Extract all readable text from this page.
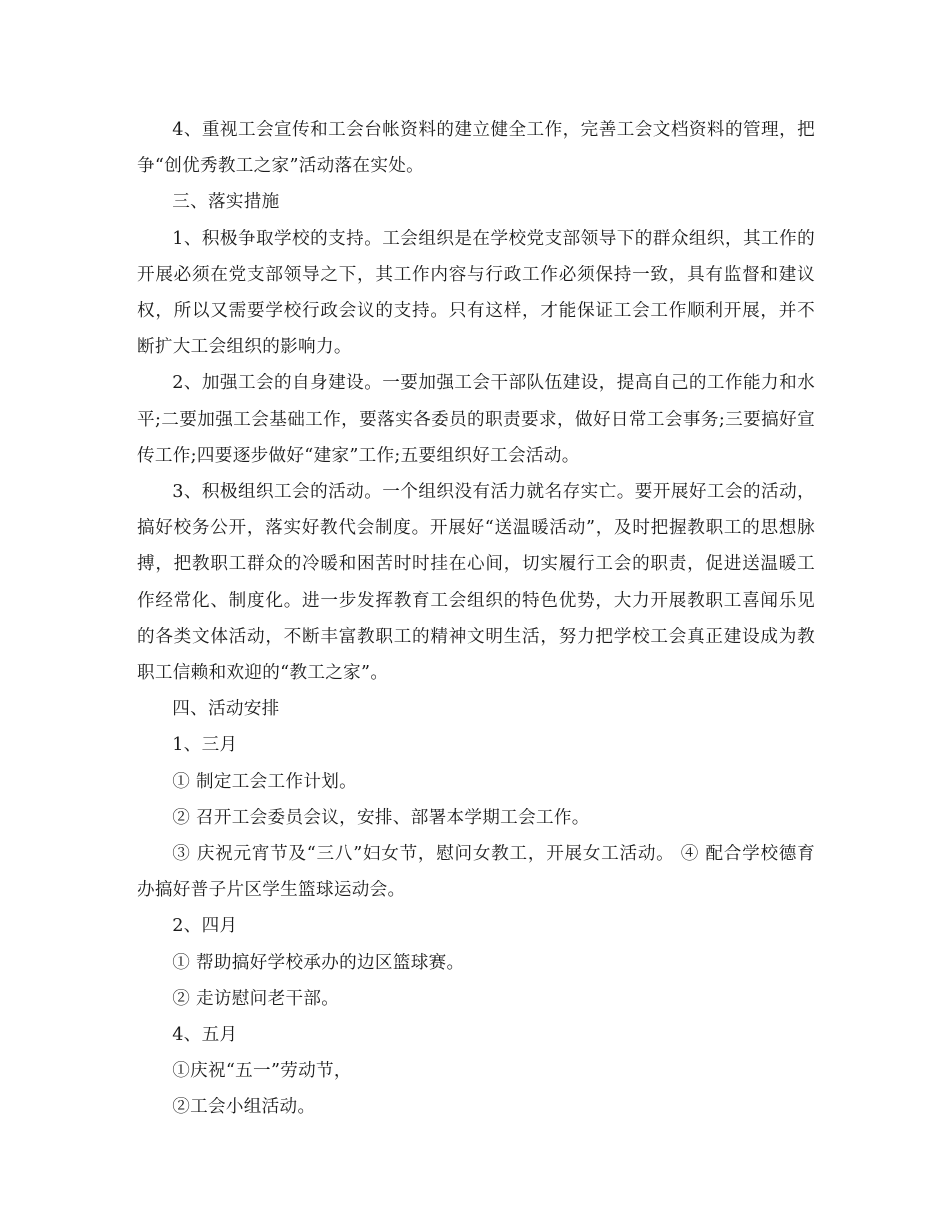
4、重视工会宣传和工会台帐资料的建立健全工作，完善工会文档资料的管理，把争“创优秀教工之家”活动落在实处。

三、落实措施

1、积极争取学校的支持。工会组织是在学校党支部领导下的群众组织，其工作的开展必须在党支部领导之下，其工作内容与行政工作必须保持一致，具有监督和建议权，所以又需要学校行政会议的支持。只有这样，才能保证工会工作顺利开展，并不断扩大工会组织的影响力。

2、加强工会的自身建设。一要加强工会干部队伍建设，提高自己的工作能力和水平;二要加强工会基础工作，要落实各委员的职责要求，做好日常工会事务;三要搞好宣传工作;四要逐步做好“建家”工作;五要组织好工会活动。

3、积极组织工会的活动。一个组织没有活力就名存实亡。要开展好工会的活动，搞好校务公开，落实好教代会制度。开展好“送温暖活动”，及时把握教职工的思想脉搏，把教职工群众的冷暖和困苦时时挂在心间，切实履行工会的职责，促进送温暖工作经常化、制度化。进一步发挥教育工会组织的特色优势，大力开展教职工喜闻乐见的各类文体活动，不断丰富教职工的精神文明生活，努力把学校工会真正建设成为教职工信赖和欢迎的“教工之家”。

四、活动安排

1、三月

① 制定工会工作计划。

② 召开工会委员会议，安排、部署本学期工会工作。

③ 庆祝元宵节及“三八”妇女节，慰问女教工，开展女工活动。 ④ 配合学校德育办搞好普子片区学生篮球运动会。

2、四月

① 帮助搞好学校承办的边区篮球赛。

② 走访慰问老干部。

4、五月

①庆祝“五一”劳动节，

②工会小组活动。
